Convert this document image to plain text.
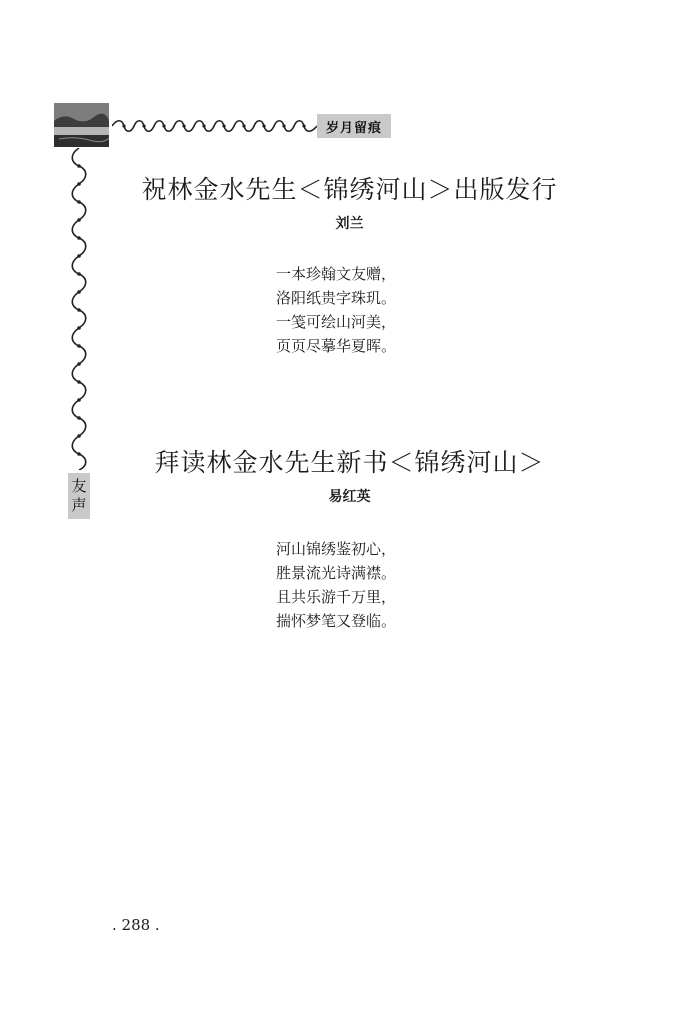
岁月留痕
友
声
祝林金水先生＜锦绣河山＞出版发行
刘兰
一本珍翰文友赠，
洛阳纸贵字珠玑。
一笺可绘山河美，
页页尽摹华夏晖。
拜读林金水先生新书＜锦绣河山＞
易红英
河山锦绣鉴初心，
胜景流光诗满襟。
且共乐游千万里，
揣怀梦笔又登临。
. 288 .
